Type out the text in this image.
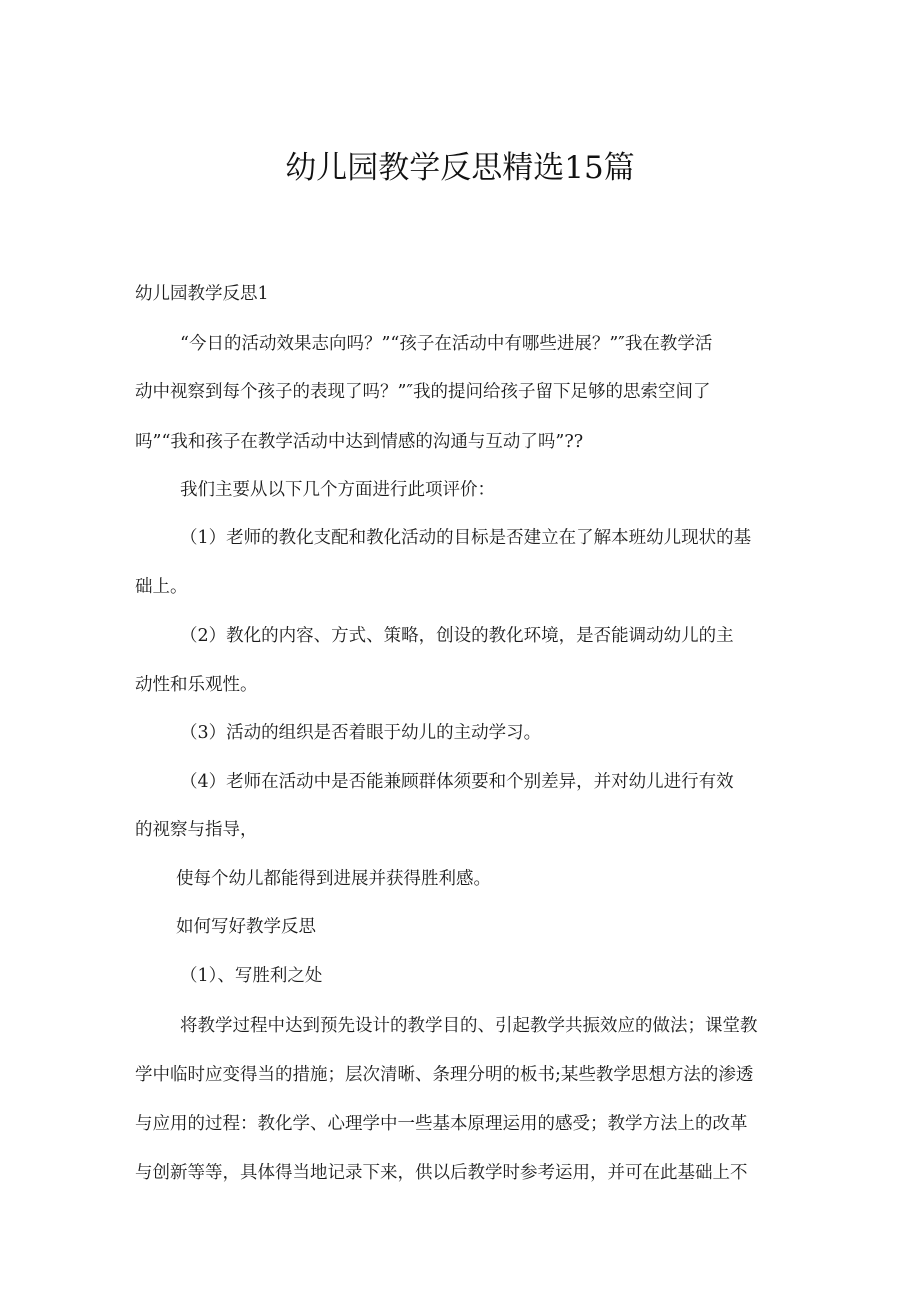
幼儿园教学反思精选15篇
幼儿园教学反思1
“今日的活动效果志向吗？”“孩子在活动中有哪些进展？”″我在教学活
动中视察到每个孩子的表现了吗？”″我的提问给孩子留下足够的思索空间了
吗”“我和孩子在教学活动中达到情感的沟通与互动了吗”??
我们主要从以下几个方面进行此项评价：
（1）老师的教化支配和教化活动的目标是否建立在了解本班幼儿现状的基
础上。
（2）教化的内容、方式、策略，创设的教化环境，是否能调动幼儿的主
动性和乐观性。
（3）活动的组织是否着眼于幼儿的主动学习。
（4）老师在活动中是否能兼顾群体须要和个别差异，并对幼儿进行有效
的视察与指导，
使每个幼儿都能得到进展并获得胜利感。
如何写好教学反思
（1）、写胜利之处
将教学过程中达到预先设计的教学目的、引起教学共振效应的做法；课堂教
学中临时应变得当的措施；层次清晰、条理分明的板书;某些教学思想方法的渗透
与应用的过程：教化学、心理学中一些基本原理运用的感受；教学方法上的改革
与创新等等，具体得当地记录下来，供以后教学时参考运用，并可在此基础上不
